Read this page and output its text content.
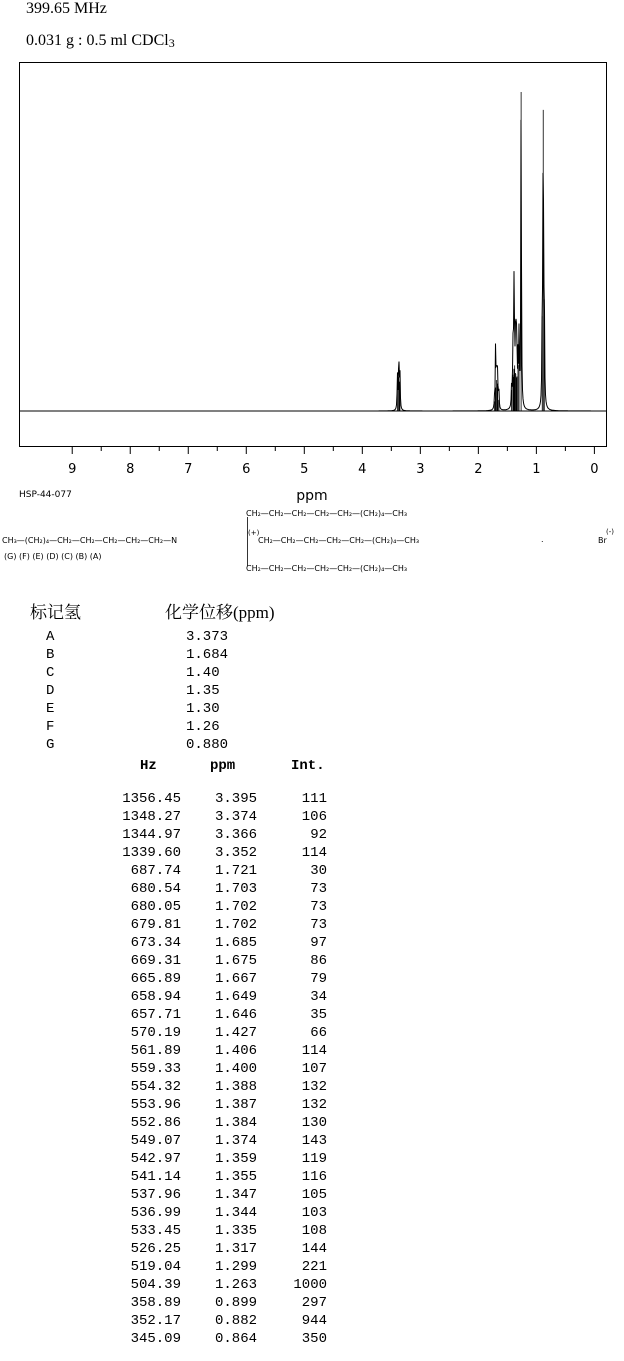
399.65 MHz
0.031 g : 0.5 ml CDCl$_3$
9	8	7	6	5	4	3	2	1	0
ppm
HSP-44-077
CH₂—CH₂—CH₂—CH₂—CH₂—(CH₂)₄—CH₃
(+)
CH₃—(CH₂)₄—CH₂—CH₂—CH₂—CH₂—CH₂—N
(G) (F) (E) (D) (C) (B) (A)
CH₂—CH₂—CH₂—CH₂—CH₂—(CH₂)₄—CH₃
CH₂—CH₂—CH₂—CH₂—CH₂—(CH₂)₄—CH₃
.	Br
(-)
标记氢	化学位移(ppm)
A	3.373
B	1.684
C	1.40
D	1.35
E	1.30
F	1.26
G	0.880
Hz	ppm	Int.
1356.45	3.395	111
1348.27	3.374	106
1344.97	3.366	92
1339.60	3.352	114
687.74	1.721	30
680.54	1.703	73
680.05	1.702	73
679.81	1.702	73
673.34	1.685	97
669.31	1.675	86
665.89	1.667	79
658.94	1.649	34
657.71	1.646	35
570.19	1.427	66
561.89	1.406	114
559.33	1.400	107
554.32	1.388	132
553.96	1.387	132
552.86	1.384	130
549.07	1.374	143
542.97	1.359	119
541.14	1.355	116
537.96	1.347	105
536.99	1.344	103
533.45	1.335	108
526.25	1.317	144
519.04	1.299	221
504.39	1.263	1000
358.89	0.899	297
352.17	0.882	944
345.09	0.864	350
